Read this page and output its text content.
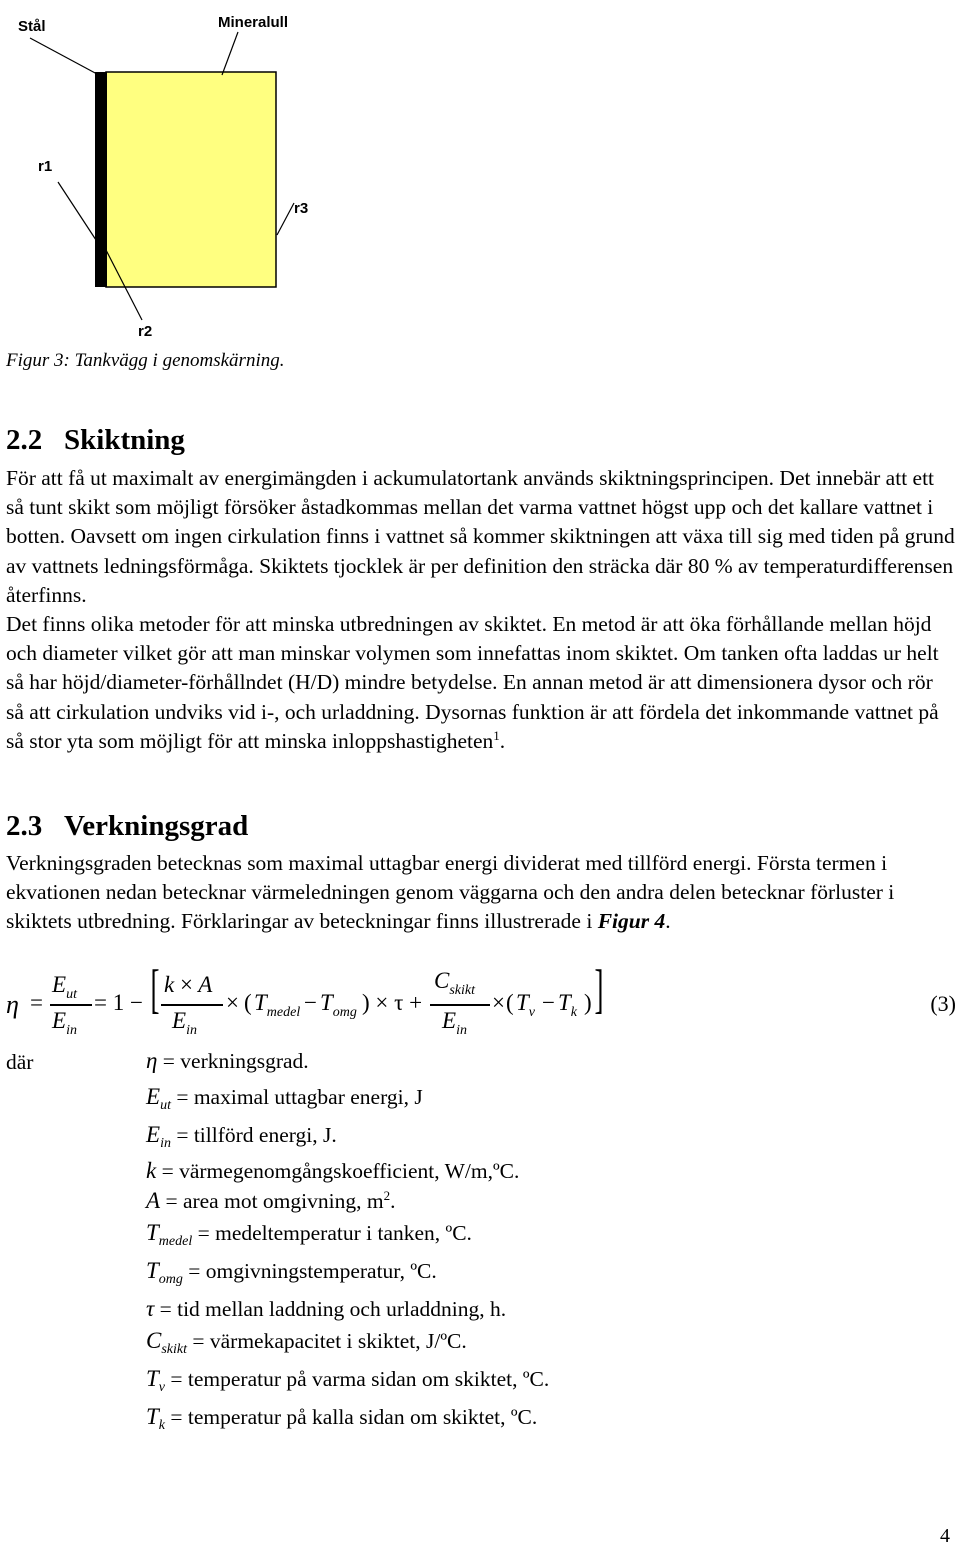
Stål	Mineralull
r1
r3
r2
Figur 3: Tankvägg i genomskärning.
2.2 Skiktning

För att få ut maximalt av energimängden i ackumulatortank används skiktningsprincipen. Det innebär att ett så tunt skikt som möjligt försöker åstadkommas mellan det varma vattnet högst upp och det kallare vattnet i botten. Oavsett om ingen cirkulation finns i vattnet så kommer skiktningen att växa till sig med tiden på grund av vattnets ledningsförmåga. Skiktets tjocklek är per definition den sträcka där 80 % av temperaturdifferensen återfinns.

Det finns olika metoder för att minska utbredningen av skiktet. En metod är att öka förhållande mellan höjd och diameter vilket gör att man minskar volymen som innefattas inom skiktet. Om tanken ofta laddas ur helt så har höjd/diameter-förhållndet (H/D) mindre betydelse. En annan metod är att dimensionera dysor och rör så att cirkulation undviks vid i-, och urladdning. Dysornas funktion är att fördela det inkommande vattnet på så stor yta som möjligt för att minska inloppshastigheten$^1$.

2.3 Verkningsgrad

Verkningsgraden betecknas som maximal uttagbar energi dividerat med tillförd energi. Första termen i ekvationen nedan betecknar värmeledningen genom väggarna och den andra delen betecknar förluster i skiktets utbredning. Förklaringar av beteckningar finns illustrerade i Figur 4.

η =
$E_{ut}$
$E_{in}$
= 1 − [ k × A
$E_{in}$
× ( $T_{medel} - T_{omg}$ ) × τ +
$C_{skikt}$
$E_{in}$
× ( $T_v - T_k$ ) ]	(3)
där	η = verkningsgrad.
$E_{ut}$ = maximal uttagbar energi, J
$E_{in}$ = tillförd energi, J.
k = värmegenomgångskoefficient, W/m,ºC.
A = area mot omgivning, $m^2$.
$T_{medel}$ = medeltemperatur i tanken, ºC.
$T_{omg}$ = omgivningstemperatur, ºC.
τ = tid mellan laddning och urladdning, h.
$C_{skikt}$ = värmekapacitet i skiktet, J/ºC.
$T_v$ = temperatur på varma sidan om skiktet, ºC.
$T_k$ = temperatur på kalla sidan om skiktet, ºC.
4
